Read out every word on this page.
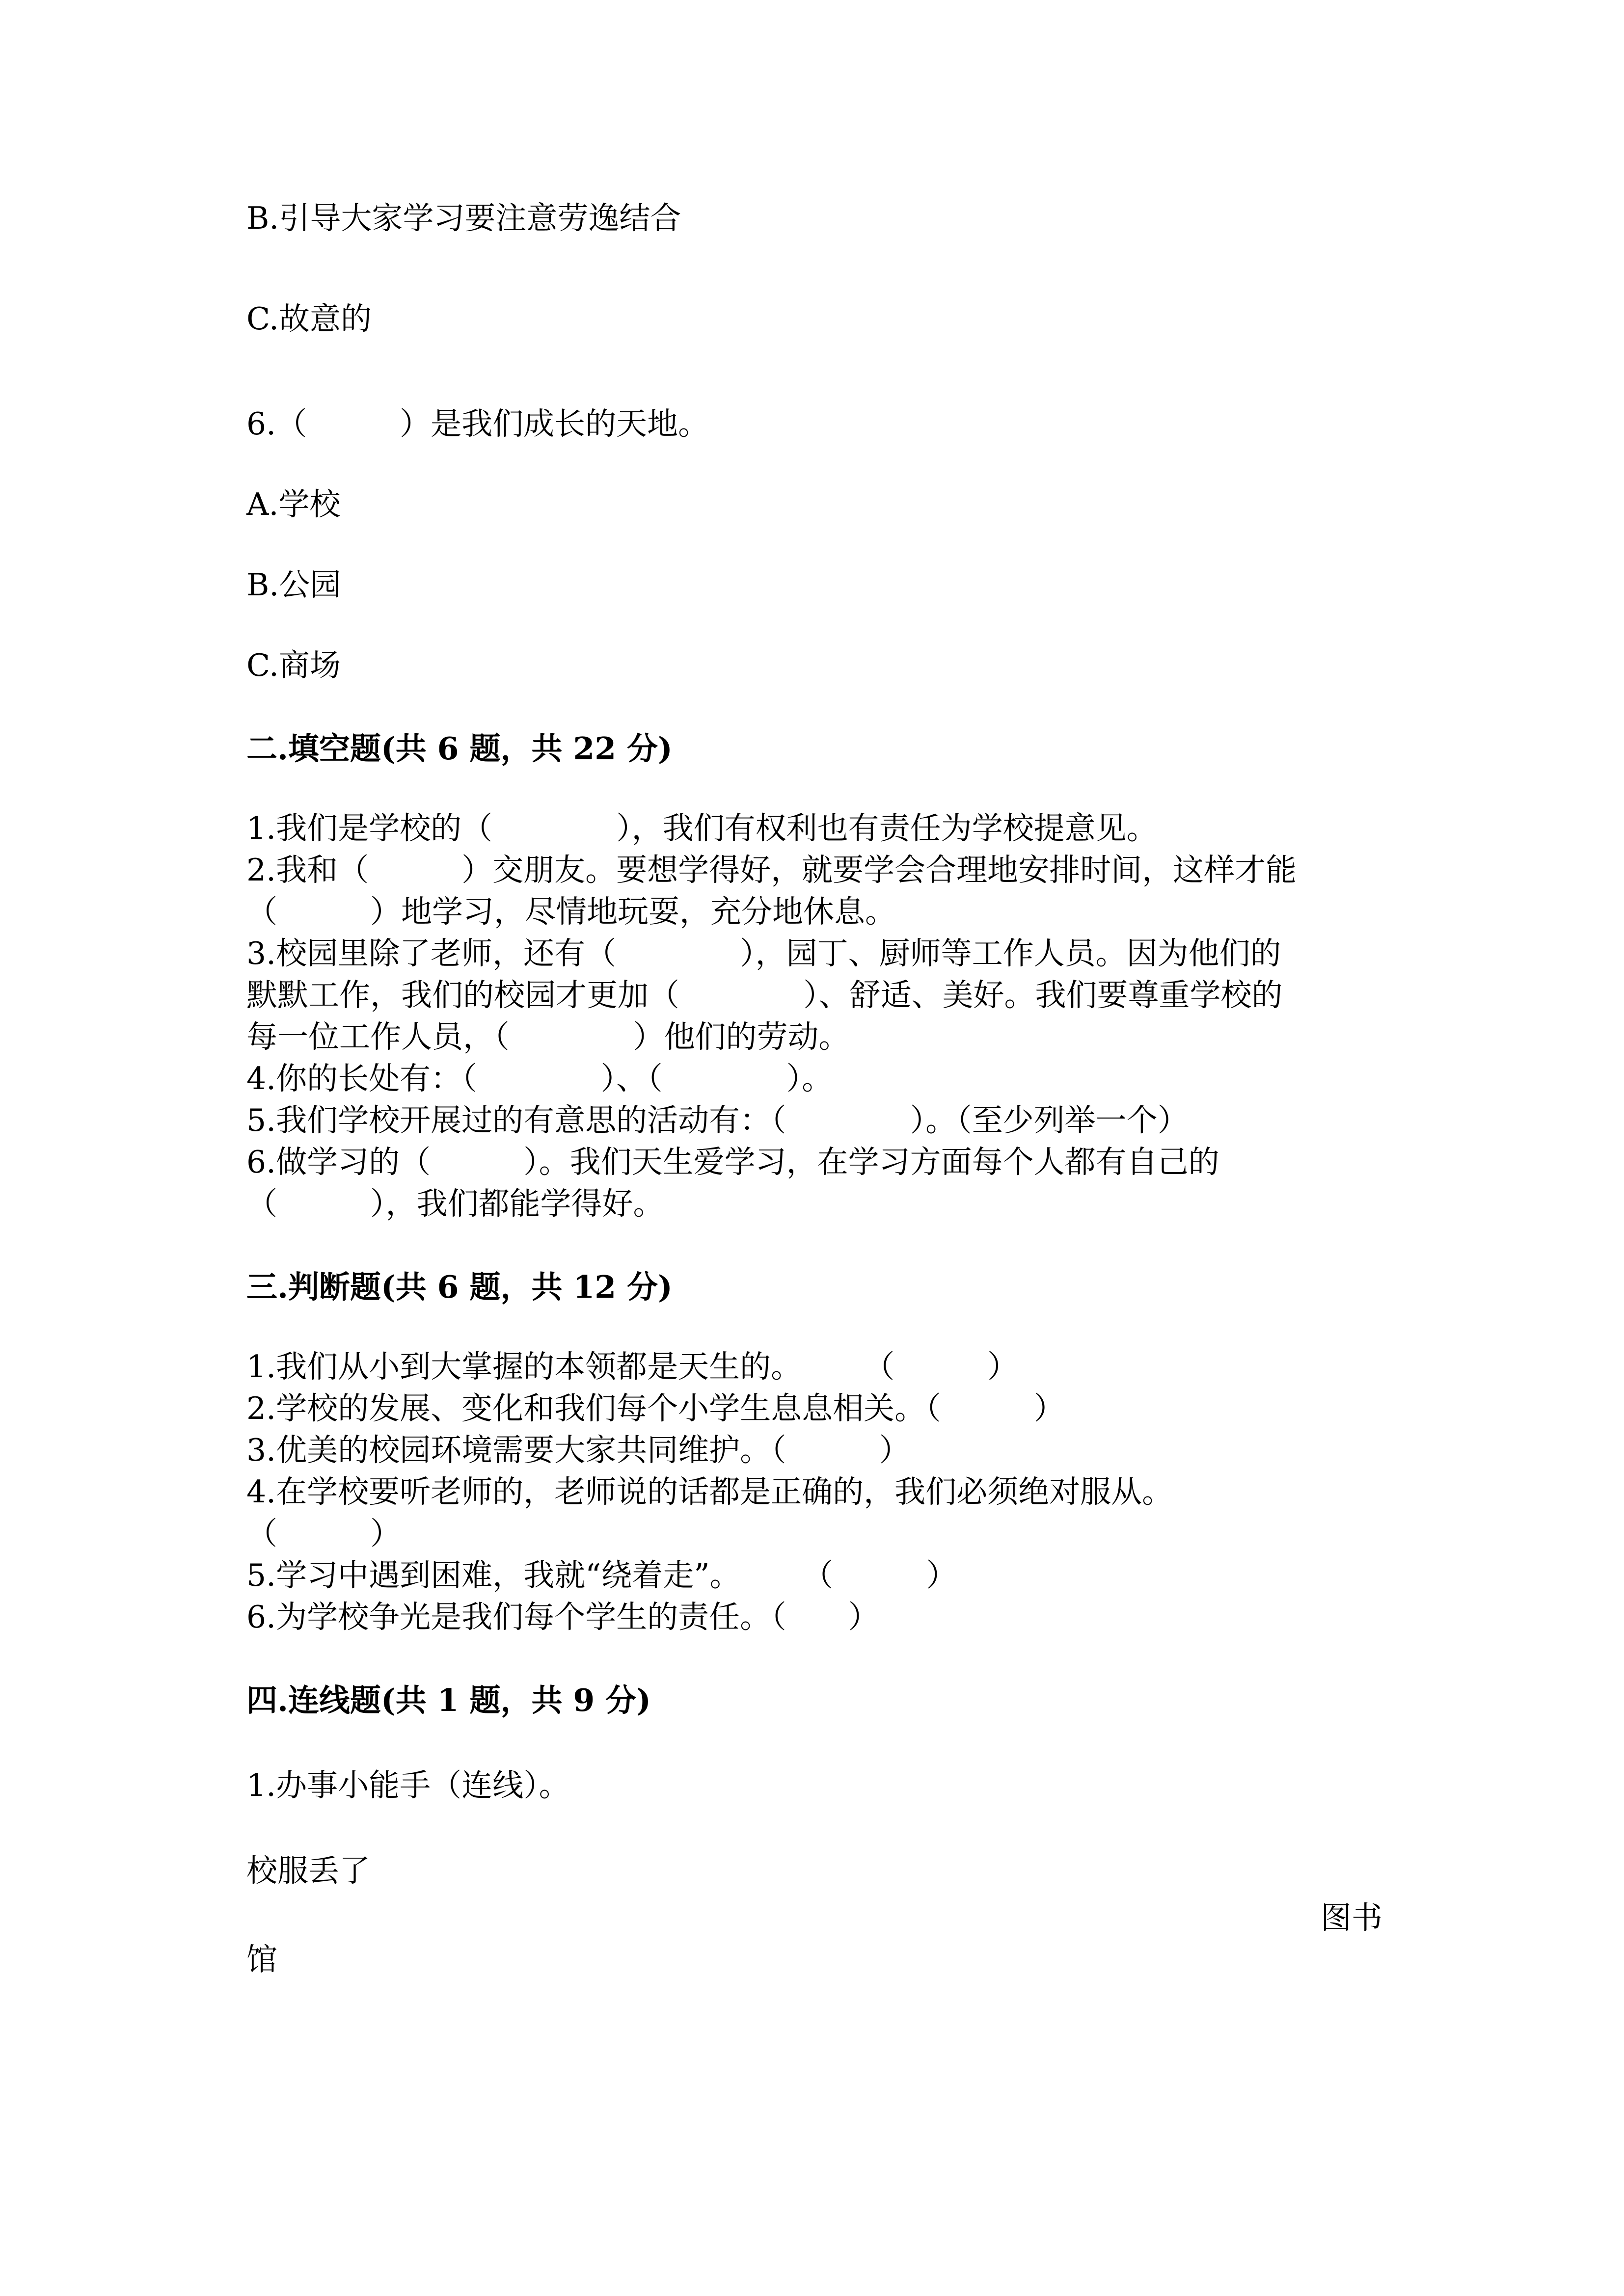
B.引导大家学习要注意劳逸结合

C.故意的

6.（　　　）是我们成长的天地。

A.学校

B.公园

C.商场

二.填空题(共 6 题，共 22 分)

1.我们是学校的（　　　　），我们有权利也有责任为学校提意见。

2.我和（　　　）交朋友。要想学得好，就要学会合理地安排时间，这样才能

（　　　）地学习，尽情地玩耍，充分地休息。

3.校园里除了老师，还有（　　　　），园丁、厨师等工作人员。因为他们的

默默工作，我们的校园才更加（　　　　）、舒适、美好。我们要尊重学校的

每一位工作人员，（　　　　）他们的劳动。

4.你的长处有：（　　　　）、（　　　　）。

5.我们学校开展过的有意思的活动有：（　　　　）。（至少列举一个）

6.做学习的（　　　）。我们天生爱学习，在学习方面每个人都有自己的

（　　　），我们都能学得好。

三.判断题(共 6 题，共 12 分)

1.我们从小到大掌握的本领都是天生的。　　　（　　　）

2.学校的发展、变化和我们每个小学生息息相关。（　　　）

3.优美的校园环境需要大家共同维护。（　　　）

4.在学校要听老师的，老师说的话都是正确的，我们必须绝对服从。

（　　　）

5.学习中遇到困难，我就“绕着走”。　　　（　　　）

6.为学校争光是我们每个学生的责任。（　　）

四.连线题(共 1 题，共 9 分)

1.办事小能手（连线）。

校服丢了

图书

馆
